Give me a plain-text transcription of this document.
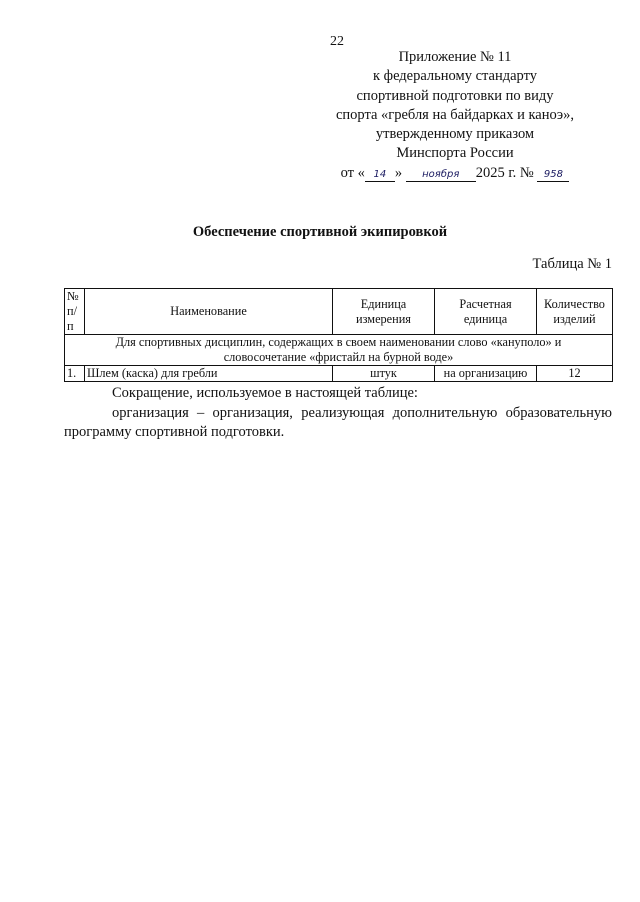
22
Приложение № 11
к федеральному стандарту
спортивной подготовки по виду
спорта «гребля на байдарках и каноэ»,
утвержденному приказом
Минспорта России
от « 14 » ноября 2025 г. № 958
Обеспечение спортивной экипировкой
Таблица № 1
№ п/п	Наименование	Единица измерения	Расчетная единица	Количество изделий
Для спортивных дисциплин, содержащих в своем наименовании слово «кануполо» и словосочетание «фристайл на бурной воде»				
1.	Шлем (каска) для гребли	штук	на организацию	12
Сокращение, используемое в настоящей таблице:
организация – организация, реализующая дополнительную образовательную программу спортивной подготовки.
